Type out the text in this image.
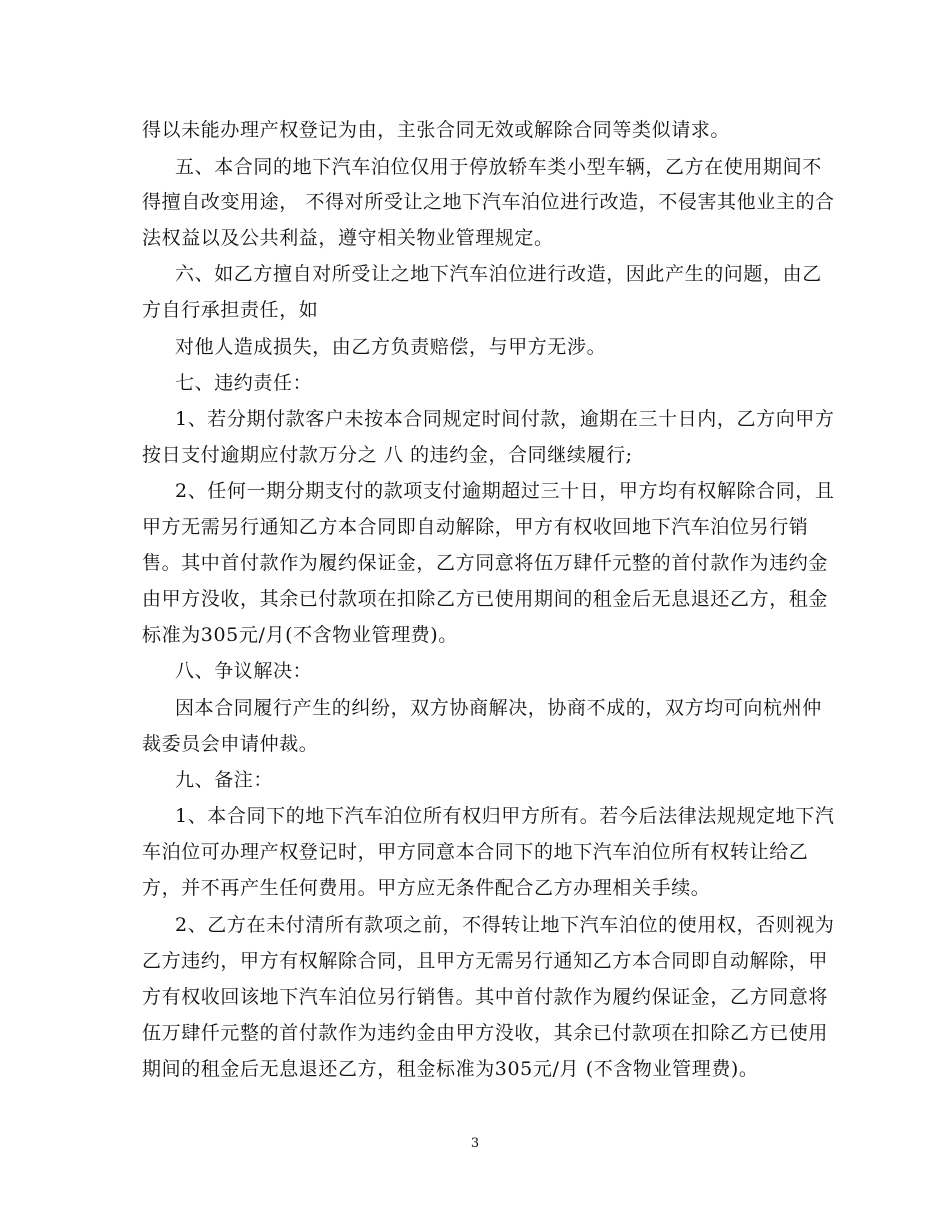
得以未能办理产权登记为由，主张合同无效或解除合同等类似请求。
五、本合同的地下汽车泊位仅用于停放轿车类小型车辆，乙方在使用期间不
得擅自改变用途， 不得对所受让之地下汽车泊位进行改造，不侵害其他业主的合
法权益以及公共利益，遵守相关物业管理规定。
六、如乙方擅自对所受让之地下汽车泊位进行改造，因此产生的问题，由乙
方自行承担责任，如
对他人造成损失，由乙方负责赔偿，与甲方无涉。
七、违约责任：
1、若分期付款客户未按本合同规定时间付款，逾期在三十日内，乙方向甲方
按日支付逾期应付款万分之 八 的违约金，合同继续履行;
2、任何一期分期支付的款项支付逾期超过三十日，甲方均有权解除合同，且
甲方无需另行通知乙方本合同即自动解除，甲方有权收回地下汽车泊位另行销
售。其中首付款作为履约保证金，乙方同意将伍万肆仟元整的首付款作为违约金
由甲方没收，其余已付款项在扣除乙方已使用期间的租金后无息退还乙方，租金
标准为305元/月(不含物业管理费)。
八、争议解决：
因本合同履行产生的纠纷，双方协商解决，协商不成的，双方均可向杭州仲
裁委员会申请仲裁。
九、备注：
1、本合同下的地下汽车泊位所有权归甲方所有。若今后法律法规规定地下汽
车泊位可办理产权登记时，甲方同意本合同下的地下汽车泊位所有权转让给乙
方，并不再产生任何费用。甲方应无条件配合乙方办理相关手续。
2、乙方在未付清所有款项之前，不得转让地下汽车泊位的使用权，否则视为
乙方违约，甲方有权解除合同，且甲方无需另行通知乙方本合同即自动解除，甲
方有权收回该地下汽车泊位另行销售。其中首付款作为履约保证金，乙方同意将
伍万肆仟元整的首付款作为违约金由甲方没收，其余已付款项在扣除乙方已使用
期间的租金后无息退还乙方，租金标准为305元/月 (不含物业管理费)。
3
